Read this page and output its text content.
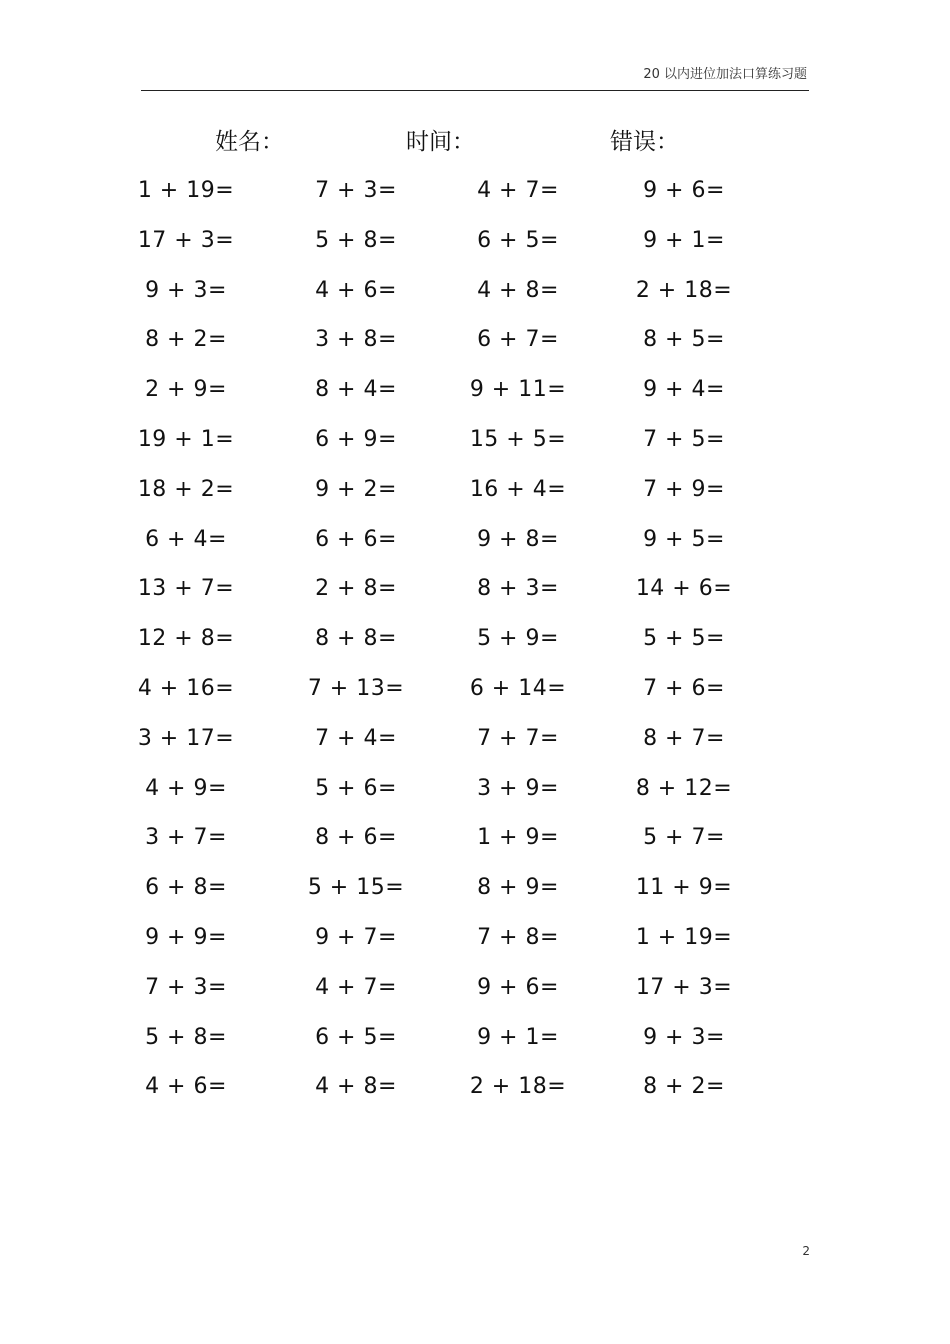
20 以内进位加法口算练习题
姓名：	时间：	错误：
1 + 19=	7 + 3=	4 + 7=	9 + 6=
17 + 3=	5 + 8=	6 + 5=	9 + 1=
9 + 3=	4 + 6=	4 + 8=	2 + 18=
8 + 2=	3 + 8=	6 + 7=	8 + 5=
2 + 9=	8 + 4=	9 + 11=	9 + 4=
19 + 1=	6 + 9=	15 + 5=	7 + 5=
18 + 2=	9 + 2=	16 + 4=	7 + 9=
6 + 4=	6 + 6=	9 + 8=	9 + 5=
13 + 7=	2 + 8=	8 + 3=	14 + 6=
12 + 8=	8 + 8=	5 + 9=	5 + 5=
4 + 16=	7 + 13=	6 + 14=	7 + 6=
3 + 17=	7 + 4=	7 + 7=	8 + 7=
4 + 9=	5 + 6=	3 + 9=	8 + 12=
3 + 7=	8 + 6=	1 + 9=	5 + 7=
6 + 8=	5 + 15=	8 + 9=	11 + 9=
9 + 9=	9 + 7=	7 + 8=	1 + 19=
7 + 3=	4 + 7=	9 + 6=	17 + 3=
5 + 8=	6 + 5=	9 + 1=	9 + 3=
4 + 6=	4 + 8=	2 + 18=	8 + 2=
2
